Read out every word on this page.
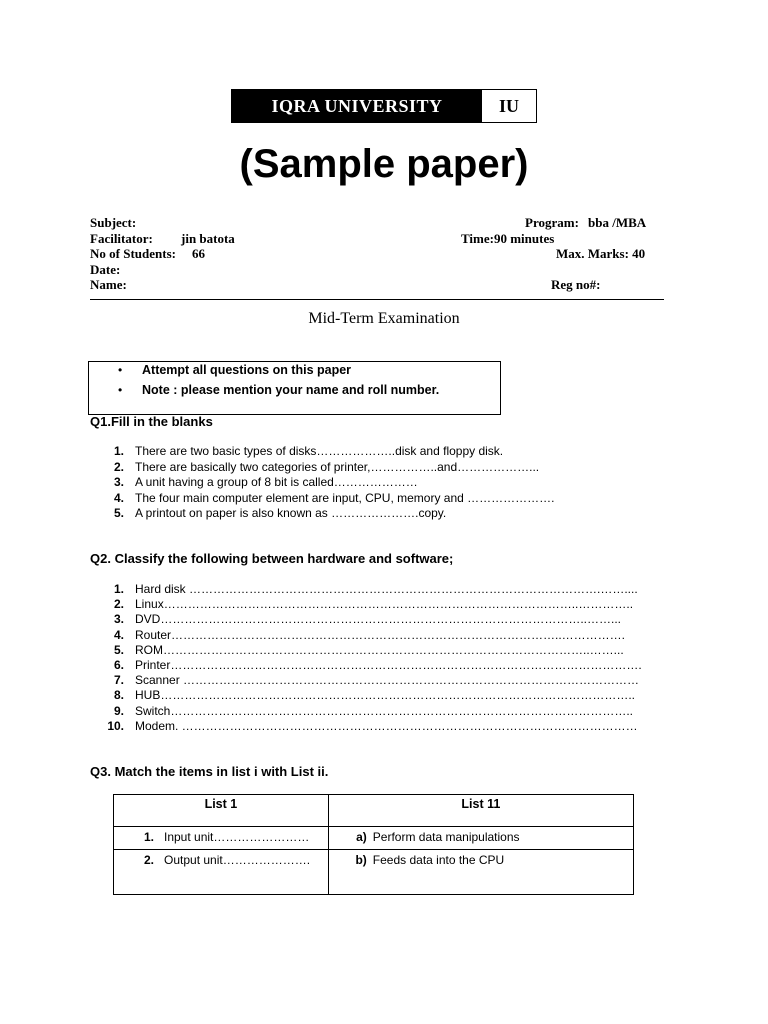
IQRA UNIVERSITY	IU
(Sample paper)
Subject:	Program: bba /MBA
Facilitator: jin batota	Time:90 minutes
No of Students: 66	Max. Marks: 40
Date:
Name:	Reg no#:
Mid-Term Examination
• Attempt all questions on this paper
• Note : please mention your name and roll number.
Q1.Fill in the blanks
1. There are two basic types of disks………………..disk and floppy disk.
2. There are basically two categories of printer,……………..and………………...
3. A unit having a group of 8 bit is called…………………
4. The four main computer element are input, CPU, memory and ………………….
5. A printout on paper is also known as ………………….copy.
Q2. Classify the following between hardware and software;
1. Hard disk ………………………………………………………………………………………….……....
2. Linux…………………………………………………………………………………………..…………..
3. DVD……………………………………………………………………………………………..……...
4. Router……………………………………………………………………………………..…………….
5. ROM……………………………………………………………………………………………..……...
6. Printer……………………………………………………………………………………………………….
7. Scanner ……………………………………………………………………………………………………
8. HUB………………………………………………………………………………………………………..
9. Switch……………………………………………………………………………………………………..
10. Modem. ……………………………………………………………………………………………………
Q3. Match the items in list i with List ii.
List 1	List 11

1. Input unit……………………	a) Perform data manipulations

2. Output unit………………….	b) Feeds data into the CPU
